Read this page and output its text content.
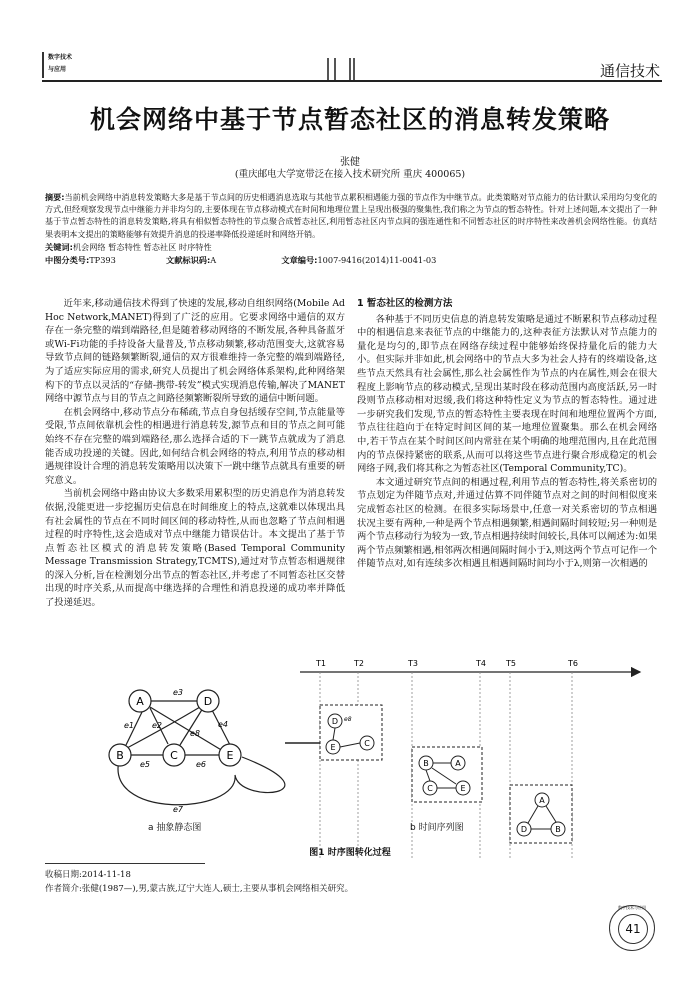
数字技术
与应用	通信技术
机会网络中基于节点暂态社区的消息转发策略
张健
(重庆邮电大学宽带泛在接入技术研究所 重庆 400065)
摘要:当前机会网络中消息转发策略大多是基于节点间的历史相遇消息选取与其他节点累积相遇能力强的节点作为中继节点。此类策略对节点能力的估计默认采用均匀变化的方式,但经观察发现节点中继能力并非均匀的,主要体现在节点移动模式在时间和地理位置上呈现出极强的聚集性,我们称之为节点的暂态特性。针对上述问题,本文提出了一种基于节点暂态特性的消息转发策略,将具有相似暂态特性的节点聚合成暂态社区,利用暂态社区内节点间的强连通性和不同暂态社区的时序特性来改善机会网络性能。仿真结果表明本文提出的策略能够有效提升消息的投递率降低投递延时和网络开销。
关键词:机会网络 暂态特性 暂态社区 时序特性
中图分类号:TP393	文献标识码:A	文章编号:1007-9416(2014)11-0041-03

近年来,移动通信技术得到了快速的发展,移动自组织网络(Mobile Ad Hoc Network,MANET)得到了广泛的应用。它要求网络中通信的双方存在一条完整的端到端路径,但是随着移动网络的不断发展,各种具备蓝牙或Wi-Fi功能的手持设备大量普及,节点移动频繁,移动范围变大,这就容易导致节点间的链路频繁断裂,通信的双方很难维持一条完整的端到端路径,为了适应实际应用的需求,研究人员提出了机会网络体系架构,此种网络架构下的节点以灵活的“存储-携带-转发”模式实现消息传输,解决了MANET网络中源节点与目的节点之间路径频繁断裂所导致的通信中断问题。

在机会网络中,移动节点分布稀疏,节点自身包括缓存空间,节点能量等受限,节点间依靠机会性的相遇进行消息转发,源节点和目的节点之间可能始终不存在完整的端到端路径,那么选择合适的下一跳节点就成为了消息能否成功投递的关键。因此,如何结合机会网络的特点,利用节点的移动相遇规律设计合理的消息转发策略用以决策下一跳中继节点就具有重要的研究意义。

当前机会网络中路由协议大多数采用累积型的历史消息作为消息转发依据,没能更进一步挖掘历史信息在时间维度上的特点,这就难以体现出具有社会属性的节点在不同时间区间的移动特性,从而也忽略了节点间相遇过程的时序特性,这会造成对节点中继能力错误估计。本文提出了基于节点暂态社区模式的消息转发策略(Based Temporal Community Message Transmission Strategy,TCMTS),通过对节点暂态相遇规律的深入分析,旨在检测划分出节点的暂态社区,并考虑了不同暂态社区交替出现的时序关系,从而提高中继选择的合理性和消息投递的成功率并降低了投递延迟。

1 暂态社区的检测方法

各种基于不同历史信息的消息转发策略是通过不断累积节点移动过程中的相遇信息来表征节点的中继能力的,这种表征方法默认对节点能力的量化是均匀的,即节点在网络存续过程中能够始终保持量化后的能力大小。但实际并非如此,机会网络中的节点大多为社会人持有的终端设备,这些节点天然具有社会属性,那么社会属性作为节点的内在属性,则会在很大程度上影响节点的移动模式,呈现出某时段在移动范围内高度活跃,另一时段则节点移动相对迟缓,我们将这种特性定义为节点的暂态特性。通过进一步研究我们发现,节点的暂态特性主要表现在时间和地理位置两个方面,节点往往趋向于在特定时间区间的某一地理位置聚集。那么在机会网络中,若干节点在某个时间区间内常驻在某个明确的地理范围内,且在此范围内的节点保持紧密的联系,从而可以将这些节点进行聚合形成稳定的机会网络子网,我们将其称之为暂态社区(Temporal Community,TC)。

本文通过研究节点间的相遇过程,利用节点的暂态特性,将关系密切的节点划定为伴随节点对,并通过估算不同伴随节点对之间的时间相似度来完成暂态社区的检测。在很多实际场景中,任意一对关系密切的节点相遇状况主要有两种,一种是两个节点相遇频繁,相遇间隔时间较短;另一种则是两个节点移动行为较为一致,节点相遇持续时间较长,具体可以阐述为:如果两个节点频繁相遇,相邻两次相遇间隔时间小于λ,则这两个节点可记作一个伴随节点对,如有连续多次相遇且相遇间隔时间均小于λ,则第一次相遇的

A	D
B	C	E
e3
e1 e2
e8
e4
e5	e6
e7
T1	T2	T3	T4	T5	T6
D
E	C
e8
B	A
C	E
A
D	B
a 抽象静态图	b 时间序列图
图1 时序图转化过程
收稿日期:2014-11-18
作者简介:张健(1987—),男,蒙古族,辽宁大连人,硕士,主要从事机会网络相关研究。
数字技术与应用
41
